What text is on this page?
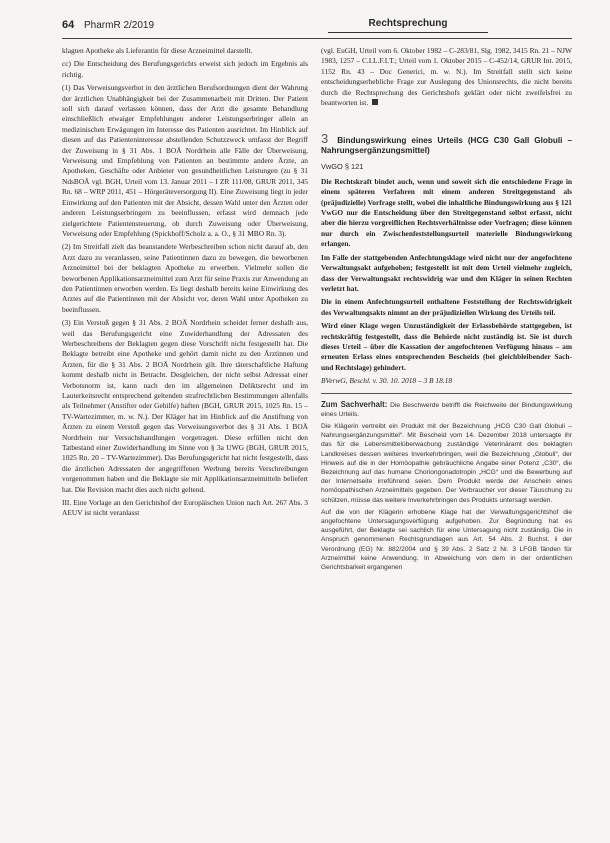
64 PharmR 2/2019	Rechtsprechung

klagten Apotheke als Lieferantin für diese Arzneimittel darstellt.

cc) Die Entscheidung des Berufungsgerichts erweist sich jedoch im Ergebnis als richtig.

(1) Das Verweisungsverbot in den ärztlichen Berufsordnungen dient der Wahrung der ärztlichen Unabhängigkeit bei der Zusammenarbeit mit Dritten. Der Patient soll sich darauf verlassen können, dass der Arzt die gesamte Behandlung einschließlich etwaiger Empfehlungen anderer Leistungserbringer allein an medizinischen Erwägungen im Interesse des Patienten ausrichtet. Im Hinblick auf diesen auf das Patienteninteresse abstellenden Schutzzweck umfasst der Begriff der Zuweisung in § 31 Abs. 1 BOÄ Nordrhein alle Fälle der Überweisung, Verweisung und Empfehlung von Patienten an bestimmte andere Ärzte, an Apotheken, Geschäfte oder Anbieter von gesundheitlichen Leistungen (zu § 31 NdsBOÄ vgl. BGH, Urteil vom 13. Januar 2011 – I ZR 111/08, GRUR 2011, 345 Rn. 68 – WRP 2011, 451 – Hörgeräteversorgung II). Eine Zuweisung liegt in jeder Einwirkung auf den Patienten mit der Absicht, dessen Wahl unter den Ärzten oder anderen Leistungserbringern zu beeinflussen, erfasst wird demnach jede zielgerichtete Patientensteuerung, ob durch Zuweisung oder Überweisung, Verweisung oder Empfehlung (Spickhoff/Scholz a. a. O., § 31 MBO Rn. 3).

(2) Im Streitfall zielt das beanstandete Werbeschreiben schon nicht darauf ab, den Arzt dazu zu veranlassen, seine Patientinnen dazu zu bewegen, die beworbenen Arzneimittel bei der beklagten Apotheke zu erwerben. Vielmehr sollen die beworbenen Applikationsarzneimittel zum Arzt für seine Praxis zur Anwendung an den Patientinnen erworben werden. Es liegt deshalb bereits keine Einwirkung des Arztes auf die Patientinnen mit der Absicht vor, deren Wahl unter Apotheken zu beeinflussen.

(3) Ein Verstoß gegen § 31 Abs. 2 BOÄ Nordrhein scheidet ferner deshalb aus, weil das Berufungsgericht eine Zuwiderhandlung der Adressaten des Werbeschreibens der Beklagten gegen diese Vorschrift nicht festgestellt hat. Die Beklagte betreibt eine Apotheke und gehört damit nicht zu den Ärztinnen und Ärzten, für die § 31 Abs. 2 BOÄ Nordrhein gilt. Ihre täterschaftliche Haftung kommt deshalb nicht in Betracht. Desgleichen, der nicht selbst Adressat einer Verbotsnorm ist, kann nach den im allgemeinen Deliktsrecht und im Lauterkeitsrecht entsprechend geltenden strafrechtlichen Bestimmungen allenfalls als Teilnehmer (Anstifter oder Gehilfe) haften (BGH, GRUR 2015, 1025 Rn. 15 – TV-Wartezimmer, m. w. N.). Der Kläger hat im Hinblick auf die Anstiftung von Ärzten zu einem Verstoß gegen das Verweisungsverbot des § 31 Abs. 1 BOÄ Nordrhein nur Versuchshandlungen vorgetragen. Diese erfüllen nicht den Tatbestand einer Zuwiderhandlung im Sinne von § 3a UWG (BGH, GRUR 2015, 1025 Rn. 20 – TV-Wartezimmer). Das Berufungsgericht hat nicht festgestellt, dass die ärztlichen Adressaten der angegriffenen Werbung bereits Verschreibungen vorgenommen haben und die Beklagte sie mit Applikationsarzneimitteln beliefert hat. Die Revision macht dies auch nicht geltend.

III. Eine Vorlage an den Gerichtshof der Europäischen Union nach Art. 267 Abs. 3 AEUV ist nicht veranlasst

(vgl. EuGH, Urteil vom 6. Oktober 1982 – C-283/81, Slg. 1982, 3415 Rn. 21 – NJW 1983, 1257 – C.I.L.F.I.T.; Urteil vom 1. Oktober 2015 – C-452/14, GRUR Int. 2015, 1152 Rn. 43 – Doc Generici, m. w. N.). Im Streitfall stellt sich keine entscheidungserhebliche Frage zur Auslegung des Unionsrechts, die nicht bereits durch die Rechtsprechung des Gerichtshofs geklärt oder nicht zweifelsfrei zu beantworten ist.

3 Bindungswirkung eines Urteils (HCG C30 Gall Globuli – Nahrungsergänzungsmittel)
VwGO § 121

Die Rechtskraft bindet auch, wenn und soweit sich die entschiedene Frage in einem späteren Verfahren mit einem anderen Streitgegenstand als (präjudizielle) Vorfrage stellt, wobei die inhaltliche Bindungswirkung aus § 121 VwGO nur die Entscheidung über den Streitgegenstand selbst erfasst, nicht aber die hierzu vorgreiflichen Rechtsverhältnisse oder Vorfragen; diese können nur durch ein Zwischenfeststellungsurteil materielle Bindungswirkung erlangen.

Im Falle der stattgebenden Anfechtungsklage wird nicht nur der angefochtene Verwaltungsakt aufgehoben; festgestellt ist mit dem Urteil vielmehr zugleich, dass der Verwaltungsakt rechtswidrig war und den Kläger in seinen Rechten verletzt hat.

Die in einem Anfechtungsurteil enthaltene Feststellung der Rechtswidrigkeit des Verwaltungsakts nimmt an der präjudiziellen Wirkung des Urteils teil.

Wird einer Klage wegen Unzuständigkeit der Erlassbehörde stattgegeben, ist rechtskräftig festgestellt, dass die Behörde nicht zuständig ist. Sie ist durch dieses Urteil – über die Kassation der angefochtenen Verfügung hinaus – am erneuten Erlass eines entsprechenden Bescheids (bei gleichbleibender Sach- und Rechtslage) gehindert.

BVerwG, Beschl. v. 30. 10. 2018 – 3 B 18.18

Zum Sachverhalt: Die Beschwerde betrifft die Reichweite der Bindungswirkung eines Urteils.

Die Klägerin vertreibt ein Produkt mit der Bezeichnung „HCG C30 Gall Globuli – Nahrungsergänzungsmittel“. Mit Bescheid vom 14. Dezember 2018 untersagte ihr das für die Lebensmittelüberwachung zuständige Veterinäramt des beklagten Landkreises dessen weiteres Inverkehrbringen, weil die Bezeichnung „Globuli“, der Hinweis auf die in der Homöopathie gebräuchliche Angabe einer Potenz „C30“, die Bezeichnung auf das humane Choriongonadotropin „HCG“ und die Bewerbung auf der Internetseite irreführend seien. Dem Produkt werde der Anschein eines homöopathischen Arzneimittels gegeben. Der Verbraucher vor dieser Täuschung zu schützen, müsse das weitere Inverkehrbringen des Produkts untersagt werden.

Auf die von der Klägerin erhobene Klage hat der Verwaltungsgerichtshof die angefochtene Untersagungsverfügung aufgehoben. Zur Begründung hat es ausgeführt, der Beklagte sei sachlich für eine Untersagung nicht zuständig. Die in Anspruch genommenen Rechtsgrundlagen aus Art. 54 Abs. 2 Buchst. ii der Verordnung (EG) Nr. 882/2004 und § 39 Abs. 2 Satz 2 Nr. 3 LFGB fänden für Arzneimittel keine Anwendung. In Abweichung von dem in der ordentlichen Gerichtsbarkeit ergangenen
